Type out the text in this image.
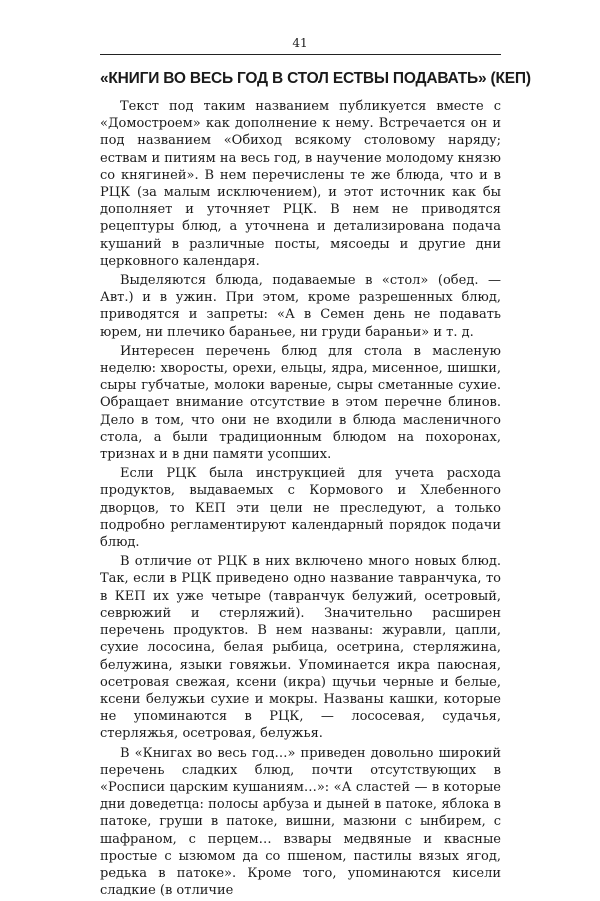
41
«КНИГИ ВО ВЕСЬ ГОД В СТОЛ ЕСТВЫ ПОДАВАТЬ» (КЕП)

Текст под таким названием публикуется вместе с «Домостроем» как дополнение к нему. Встречается он и под названием «Обиход всякому столовому наряду; ествам и питиям на весь год, в научение молодому князю со княгиней». В нем перечислены те же блюда, что и в РЦК (за малым исключением), и этот источник как бы дополняет и уточняет РЦК. В нем не приводятся рецептуры блюд, а уточнена и детализирована подача кушаний в различные посты, мясоеды и другие дни церковного календаря.

Выделяются блюда, подаваемые в «стол» (обед. — Авт.) и в ужин. При этом, кроме разрешенных блюд, приводятся и запреты: «А в Семен день не подавать юрем, ни плечико бараньее, ни груди бараньи» и т. д.

Интересен перечень блюд для стола в масленую неделю: хворосты, орехи, ельцы, ядра, мисенное, шишки, сыры губчатые, молоки вареные, сыры сметанные сухие. Обращает внимание отсутствие в этом перечне блинов. Дело в том, что они не входили в блюда масленичного стола, а были традиционным блюдом на похоронах, тризнах и в дни памяти усопших.

Если РЦК была инструкцией для учета расхода продуктов, выдаваемых с Кормового и Хлебенного дворцов, то КЕП эти цели не преследуют, а только подробно регламентируют календарный порядок подачи блюд.

В отличие от РЦК в них включено много новых блюд. Так, если в РЦК приведено одно название тавранчука, то в КЕП их уже четыре (тавранчук белужий, осетровый, севрюжий и стерляжий). Значительно расширен перечень продуктов. В нем названы: журавли, цапли, сухие лососина, белая рыбица, осетрина, стерляжина, белужина, языки говяжьи. Упоминается икра паюсная, осетровая свежая, ксени (икра) щучьи черные и белые, ксени белужьи сухие и мокры. Названы кашки, которые не упоминаются в РЦК, — лососевая, судачья, стерляжья, осетровая, белужья.

В «Книгах во весь год…» приведен довольно широкий перечень сладких блюд, почти отсутствующих в «Росписи царским кушаниям…»: «А сластей — в которые дни доведетца: полосы арбуза и дыней в патоке, яблока в патоке, груши в патоке, вишни, мазюни с ынбирем, с шафраном, с перцем… взвары медвяные и квасные простые с ызюмом да со пшеном, пастилы вязых ягод, редька в патоке». Кроме того, упоминаются кисели сладкие (в отличие
